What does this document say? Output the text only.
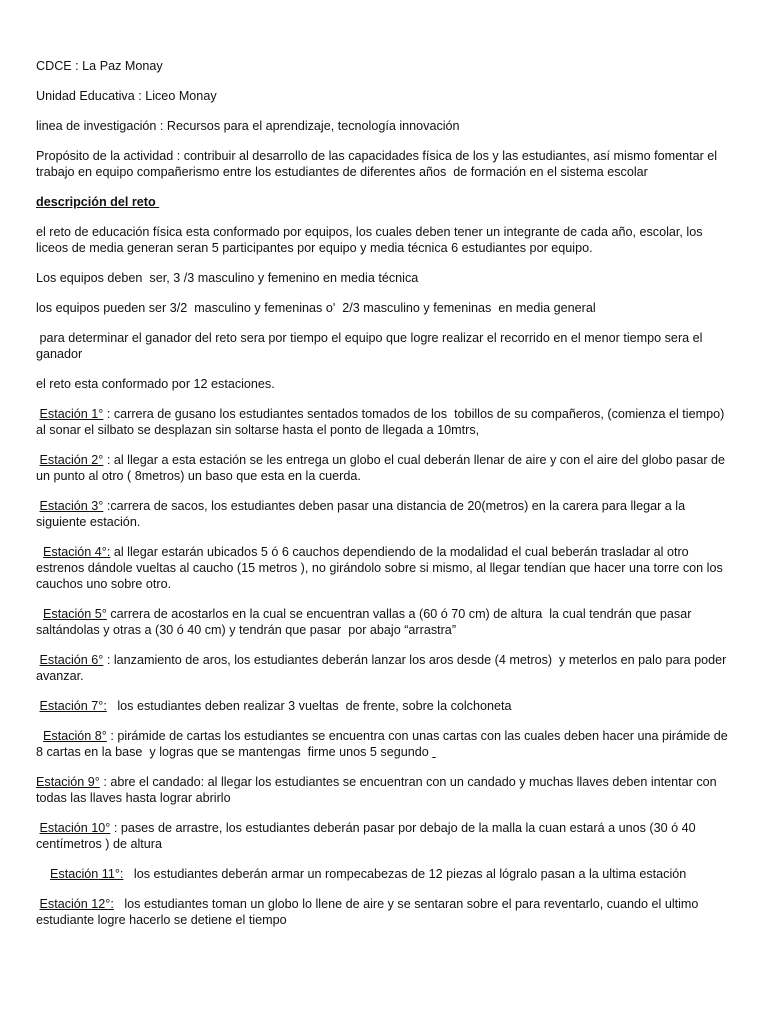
CDCE : La Paz Monay

Unidad Educativa : Liceo Monay

linea de investigación : Recursos para el aprendizaje, tecnología innovación

Propósito de la actividad : contribuir al desarrollo de las capacidades física de los y las estudiantes, así mismo fomentar el trabajo en equipo compañerismo entre los estudiantes de diferentes años  de formación en el sistema escolar

descripción del reto

el reto de educación física esta conformado por equipos, los cuales deben tener un integrante de cada año, escolar, los liceos de media generan seran 5 participantes por equipo y media técnica 6 estudiantes por equipo.

Los equipos deben  ser, 3 /3 masculino y femenino en media técnica

los equipos pueden ser 3/2  masculino y femeninas o'  2/3 masculino y femeninas  en media general

para determinar el ganador del reto sera por tiempo el equipo que logre realizar el recorrido en el menor tiempo sera el ganador

el reto esta conformado por 12 estaciones.

Estación 1° : carrera de gusano los estudiantes sentados tomados de los  tobillos de su compañeros, (comienza el tiempo)  al sonar el silbato se desplazan sin soltarse hasta el ponto de llegada a 10mtrs,

Estación 2° : al llegar a esta estación se les entrega un globo el cual deberán llenar de aire y con el aire del globo pasar de un punto al otro ( 8metros) un baso que esta en la cuerda.

Estación 3° :carrera de sacos, los estudiantes deben pasar una distancia de 20(metros) en la carera para llegar a la siguiente estación.

Estación 4°: al llegar estarán ubicados 5 ó 6 cauchos dependiendo de la modalidad el cual beberán trasladar al otro estrenos dándole vueltas al caucho (15 metros ), no girándolo sobre si mismo, al llegar tendían que hacer una torre con los cauchos uno sobre otro.

Estación 5° carrera de acostarlos en la cual se encuentran vallas a (60 ó 70 cm) de altura  la cual tendrán que pasar saltándolas y otras a (30 ó 40 cm) y tendrán que pasar  por abajo “arrastra”

Estación 6° : lanzamiento de aros, los estudiantes deberán lanzar los aros desde (4 metros)  y meterlos en palo para poder avanzar.

Estación 7°:   los estudiantes deben realizar 3 vueltas  de frente, sobre la colchoneta

Estación 8° : pirámide de cartas los estudiantes se encuentra con unas cartas con las cuales deben hacer una pirámide de 8 cartas en la base  y logras que se mantengas  firme unos 5 segundo

Estación 9° : abre el candado: al llegar los estudiantes se encuentran con un candado y muchas llaves deben intentar con todas las llaves hasta lograr abrirlo

Estación 10° : pases de arrastre, los estudiantes deberán pasar por debajo de la malla la cuan estará a unos (30 ó 40 centímetros ) de altura

Estación 11°:   los estudiantes deberán armar un rompecabezas de 12 piezas al lógralo pasan a la ultima estación

Estación 12°:   los estudiantes toman un globo lo llene de aire y se sentaran sobre el para reventarlo, cuando el ultimo estudiante logre hacerlo se detiene el tiempo
